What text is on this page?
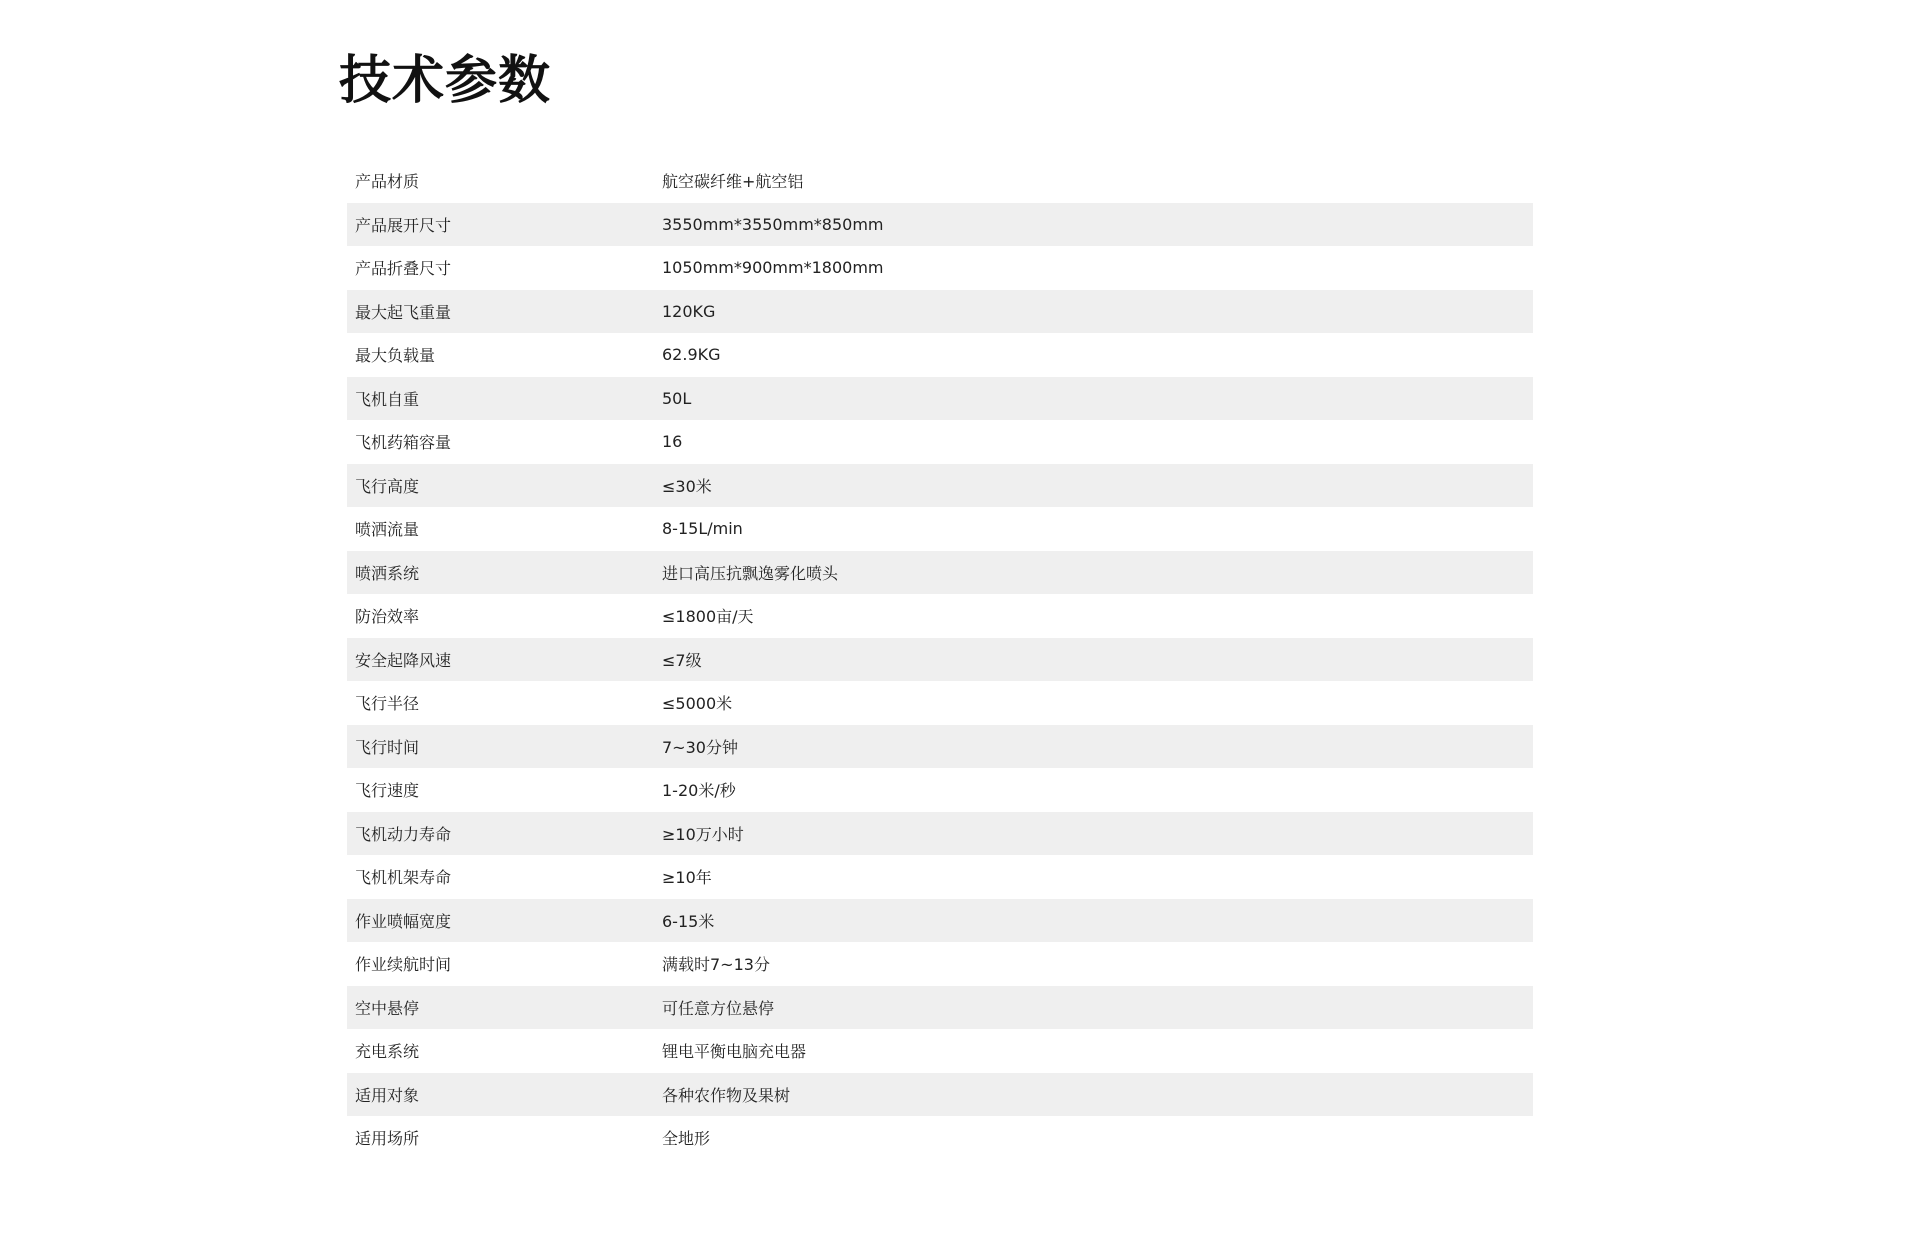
技术参数
产品材质	航空碳纤维+航空铝
产品展开尺寸	3550mm*3550mm*850mm
产品折叠尺寸	1050mm*900mm*1800mm
最大起飞重量	120KG
最大负载量	62.9KG
飞机自重	50L
飞机药箱容量	16
飞行高度	≤30米
喷洒流量	8-15L/min
喷洒系统	进口高压抗飘逸雾化喷头
防治效率	≤1800亩/天
安全起降风速	≤7级
飞行半径	≤5000米
飞行时间	7~30分钟
飞行速度	1-20米/秒
飞机动力寿命	≥10万小时
飞机机架寿命	≥10年
作业喷幅宽度	6-15米
作业续航时间	满载时7~13分
空中悬停	可任意方位悬停
充电系统	锂电平衡电脑充电器
适用对象	各种农作物及果树
适用场所	全地形
